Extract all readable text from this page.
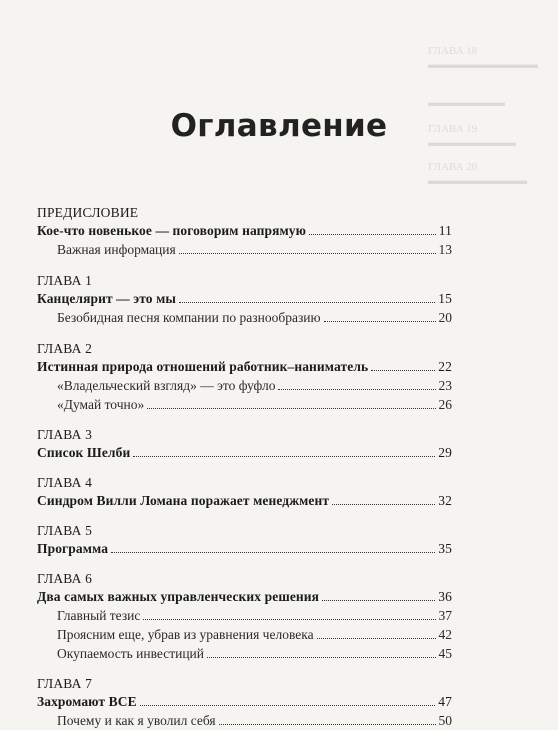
ГЛАВА 18
▬▬▬▬▬▬▬▬▬▬
▬▬▬▬▬▬▬
ГЛАВА 19
▬▬▬▬▬▬▬▬
ГЛАВА 20
▬▬▬▬▬▬▬▬▬
Оглавление
ПРЕДИСЛОВИЕ
Кое-что новенькое — поговорим напрямую	11
Важная информация	13
ГЛАВА 1
Канцелярит — это мы	15
Безобидная песня компании по разнообразию	20
ГЛАВА 2
Истинная природа отношений работник–наниматель	22
«Владельческий взгляд» — это фуфло	23
«Думай точно»	26
ГЛАВА 3
Список Шелби	29
ГЛАВА 4
Синдром Вилли Ломана поражает менеджмент	32
ГЛАВА 5
Программа	35
ГЛАВА 6
Два самых важных управленческих решения	36
Главный тезис	37
Проясним еще, убрав из уравнения человека	42
Окупаемость инвестиций	45
ГЛАВА 7
Захромают ВСЕ	47
Почему и как я уволил себя	50
